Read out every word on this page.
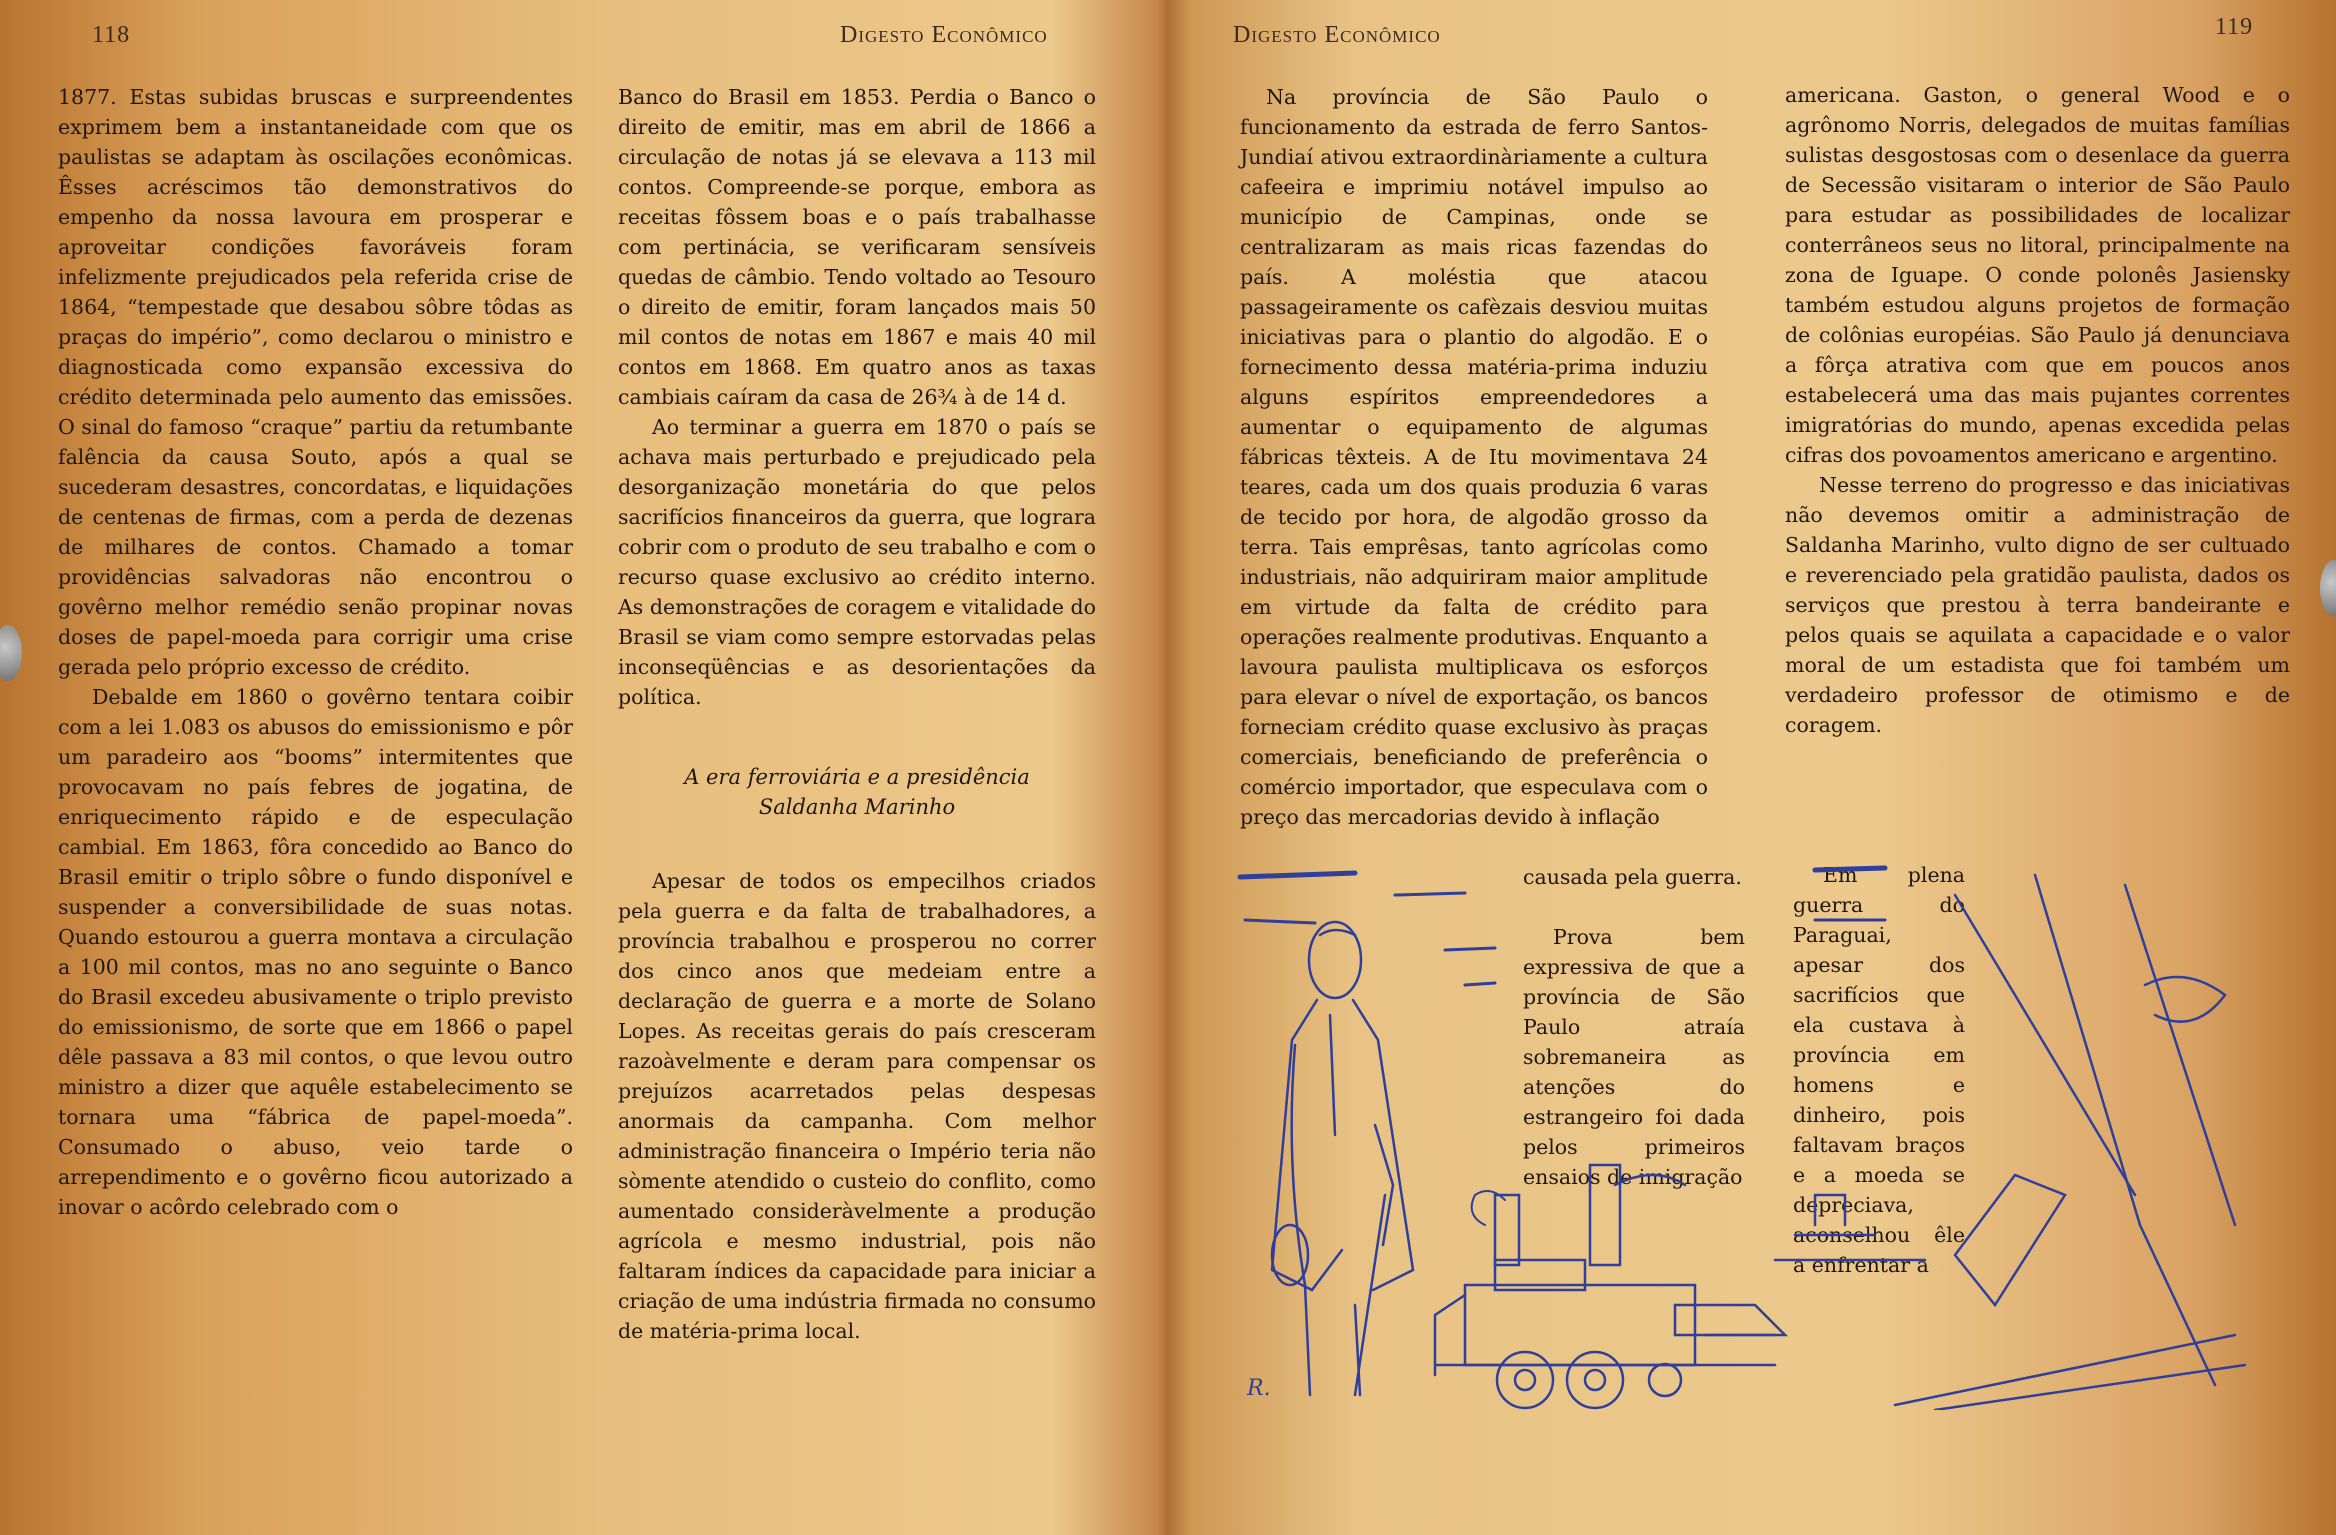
118	Digesto Econômico

1877. Estas subidas bruscas e surpreendentes exprimem bem a instantaneidade com que os paulistas se adaptam às oscilações econômicas. Êsses acréscimos tão demonstrativos do empenho da nossa lavoura em prosperar e aproveitar condições favoráveis foram infelizmente prejudicados pela referida crise de 1864, “tempestade que desabou sôbre tôdas as praças do império”, como declarou o ministro e diagnosticada como expansão excessiva do crédito determinada pelo aumento das emissões. O sinal do famoso “craque” partiu da retumbante falência da causa Souto, após a qual se sucederam desastres, concordatas, e liquidações de centenas de firmas, com a perda de dezenas de milhares de contos. Chamado a tomar providências salvadoras não encontrou o govêrno melhor remédio senão propinar novas doses de papel-moeda para corrigir uma crise gerada pelo próprio excesso de crédito.

Debalde em 1860 o govêrno tentara coibir com a lei 1.083 os abusos do emissionismo e pôr um paradeiro aos “booms” intermitentes que provocavam no país febres de jogatina, de enriquecimento rápido e de especulação cambial. Em 1863, fôra concedido ao Banco do Brasil emitir o triplo sôbre o fundo disponível e suspender a conversibilidade de suas notas. Quando estourou a guerra montava a circulação a 100 mil contos, mas no ano seguinte o Banco do Brasil excedeu abusivamente o triplo previsto do emissionismo, de sorte que em 1866 o papel dêle passava a 83 mil contos, o que levou outro ministro a dizer que aquêle estabelecimento se tornara uma “fábrica de papel-moeda”. Consumado o abuso, veio tarde o arrependimento e o govêrno ficou autorizado a inovar o acôrdo celebrado com o

Banco do Brasil em 1853. Perdia o Banco o direito de emitir, mas em abril de 1866 a circulação de notas já se elevava a 113 mil contos. Compreende-se porque, embora as receitas fôssem boas e o país trabalhasse com pertinácia, se verificaram sensíveis quedas de câmbio. Tendo voltado ao Tesouro o direito de emitir, foram lançados mais 50 mil contos de notas em 1867 e mais 40 mil contos em 1868. Em quatro anos as taxas cambiais caíram da casa de 26¾ à de 14 d.

Ao terminar a guerra em 1870 o país se achava mais perturbado e prejudicado pela desorganização monetária do que pelos sacrifícios financeiros da guerra, que lograra cobrir com o produto de seu trabalho e com o recurso quase exclusivo ao crédito interno. As demonstrações de coragem e vitalidade do Brasil se viam como sempre estorvadas pelas inconseqüências e as desorientações da política.

A era ferroviária e a presidência
Saldanha Marinho

Apesar de todos os empecilhos criados pela guerra e da falta de trabalhadores, a província trabalhou e prosperou no correr dos cinco anos que medeiam entre a declaração de guerra e a morte de Solano Lopes. As receitas gerais do país cresceram razoàvelmente e deram para compensar os prejuízos acarretados pelas despesas anormais da campanha. Com melhor administração financeira o Império teria não sòmente atendido o custeio do conflito, como aumentado consideràvelmente a produção agrícola e mesmo industrial, pois não faltaram índices da capacidade para iniciar a criação de uma indústria firmada no consumo de matéria-prima local.

Digesto Econômico	119

Na província de São Paulo o funcionamento da estrada de ferro Santos-Jundiaí ativou extraordinàriamente a cultura cafeeira e imprimiu notável impulso ao município de Campinas, onde se centralizaram as mais ricas fazendas do país. A moléstia que atacou passageiramente os cafèzais desviou muitas iniciativas para o plantio do algodão. E o fornecimento dessa matéria-prima induziu alguns espíritos empreendedores a aumentar o equipamento de algumas fábricas têxteis. A de Itu movimentava 24 teares, cada um dos quais produzia 6 varas de tecido por hora, de algodão grosso da terra. Tais emprêsas, tanto agrícolas como industriais, não adquiriram maior amplitude em virtude da falta de crédito para operações realmente produtivas. Enquanto a lavoura paulista multiplicava os esforços para elevar o nível de exportação, os bancos forneciam crédito quase exclusivo às praças comerciais, beneficiando de preferência o comércio importador, que especulava com o preço das mercadorias devido à inflação

americana. Gaston, o general Wood e o agrônomo Norris, delegados de muitas famílias sulistas desgostosas com o desenlace da guerra de Secessão visitaram o interior de São Paulo para estudar as possibilidades de localizar conterrâneos seus no litoral, principalmente na zona de Iguape. O conde polonês Jasiensky também estudou alguns projetos de formação de colônias européias. São Paulo já denunciava a fôrça atrativa com que em poucos anos estabelecerá uma das mais pujantes correntes imigratórias do mundo, apenas excedida pelas cifras dos povoamentos americano e argentino.

Nesse terreno do progresso e das iniciativas não devemos omitir a administração de Saldanha Marinho, vulto digno de ser cultuado e reverenciado pela gratidão paulista, dados os serviços que prestou à terra bandeirante e pelos quais se aquilata a capacidade e o valor moral de um estadista que foi também um verdadeiro professor de otimismo e de coragem.

causada pela guerra.

Prova bem expressiva de que a província de São Paulo atraía sobremaneira as atenções do estrangeiro foi dada pelos primeiros ensaios de imigração

Em plena guerra do Paraguai, apesar dos sacrifícios que ela custava à província em homens e dinheiro, pois faltavam braços e a moeda se depreciava, aconselhou êle a enfrentar a

R.
